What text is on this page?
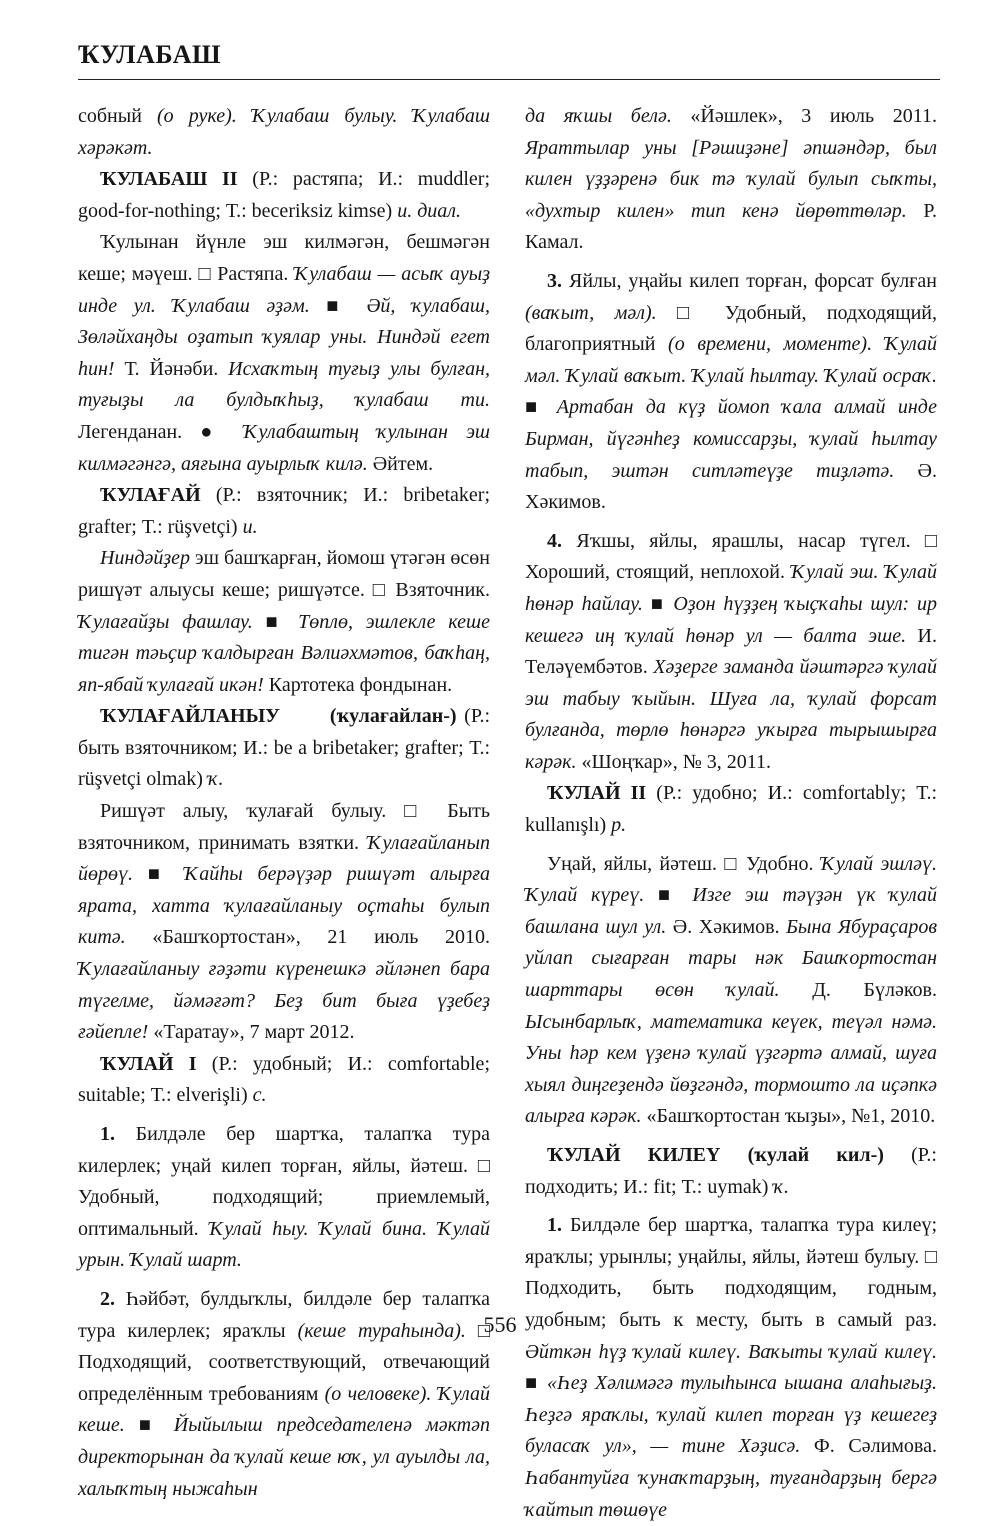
ҠУЛАБАШ

собный (о руке). Ҡулабаш булыу. Ҡулабаш хәрәкәт.

ҠУЛАБАШ II (Р.: растяпа; И.: muddler; good-for-nothing; Т.: beceriksiz kimse) и. диал.

Ҡулынан йүнле эш килмәгән, бешмәгән кеше; мәүеш. □ Растяпа. Ҡулабаш — асыҡ ауыҙ инде ул. Ҡулабаш әҙәм. ■ Әй, ҡулабаш, Зөләйхаңды оҙатып ҡуялар уны. Ниндәй егет һин! Т. Йәнәби. Исхаҡтың туғыҙ улы булған, туғыҙы ла булдыҡһыҙ, ҡулабаш ти. Легенданан. ● Ҡулабаштың ҡулынан эш килмәгәнгә, аяғына ауырлыҡ килә. Әйтем.

ҠУЛАҒАЙ (Р.: взяточник; И.: bribetaker; grafter; Т.: rüşvetçi) и.

Ниндәйҙер эш башҡарған, йомош үтәгән өсөн ришүәт алыусы кеше; ришүәтсе. □ Взяточник. Ҡулағайҙы фашлау. ■ Төплө, эшлекле кеше тигән тәьҫир ҡалдырған Вәлиәхмәтов, баҡһаң, яп-ябай ҡулағай икән! Картотека фондынан.

ҠУЛАҒАЙЛАНЫУ   	(ҡулағайлан-) (Р.: быть взяточником; И.: be a bribetaker; grafter; Т.: rüşvetçi olmak) ҡ.

Ришүәт алыу, ҡулағай булыу. □ Быть взяточником, принимать взятки. Ҡулағайланып йөрөү. ■ Ҡайһы берәүҙәр ришүәт алырға ярата, хатта ҡулағайланыу оҫтаһы булып китә. «Башҡортостан», 21 июль 2010. Ҡулағайланыу ғәҙәти күренешкә әйләнеп бара түгелме, йәмәғәт? Беҙ бит быға үҙебеҙ ғәйепле! «Таратау», 7 март 2012.

ҠУЛАЙ I (Р.: удобный; И.: comfortable; suitable; Т.: elverişli) с.

1. Билдәле бер шартҡа, талапҡа тура килерлек; уңай килеп торған, яйлы, йәтеш. □ Удобный, подходящий; приемлемый, оптимальный. Ҡулай һыу. Ҡулай бина. Ҡулай урын. Ҡулай шарт.

2. Һәйбәт, булдыҡлы, билдәле бер талапҡа тура килерлек; яраҡлы (кеше тураһында). □ Подходящий, соответствующий, отвечающий определённым требованиям (о человеке). Ҡулай кеше. ■ Йыйылыш председателенә мәктәп директорынан да ҡулай кеше юҡ, ул ауылды ла, халыҡтың ныжаһын

да яҡшы белә. «Йәшлек», 3 июль 2011. Яраттылар уны [Рәшиҙәне] әпшәндәр, был килен үҙҙәренә бик тә ҡулай булып сыҡты, «духтыр килен» тип кенә йөрөттөләр. Р. Камал.

3. Яйлы, уңайы килеп торған, форсат булған (ваҡыт, мәл). □ Удобный, подходящий, благоприятный (о времени, моменте). Ҡулай мәл. Ҡулай ваҡыт. Ҡулай һылтау. Ҡулай осраҡ. ■ Артабан да күҙ йомоп ҡала алмай инде Бирман, йүгәнһеҙ комиссарҙы, ҡулай һылтау табып, эштән ситләтеүҙе тиҙләтә. Ә. Хәкимов.

4. Яҡшы, яйлы, ярашлы, насар түгел. □ Хороший, стоящий, неплохой. Ҡулай эш. Ҡулай һөнәр һайлау. ■ Оҙон һүҙҙең ҡыҫҡаһы шул: ир кешегә иң ҡулай һөнәр ул — балта эше. И. Теләүембәтов. Хәҙерге заманда йәштәргә ҡулай эш табыу ҡыйын. Шуға ла, ҡулай форсат булғанда, төрлө һөнәргә уҡырға тырышырға кәрәк. «Шоңҡар», № 3, 2011.

ҠУЛАЙ II (Р.: удобно; И.: comfortably; Т.: kullanışlı) р.

Уңай, яйлы, йәтеш. □ Удобно. Ҡулай эшләү. Ҡулай күреү. ■ Изге эш тәүҙән үк ҡулай башлана шул ул. Ә. Хәкимов. Бына Ябураҫаров уйлап сығарған тары нәк Башҡортостан шарттары өсөн ҡулай. Д. Бүләков. Ысынбарлыҡ, математика кеүек, теүәл нәмә. Уны һәр кем үҙенә ҡулай үҙгәртә алмай, шуға хыял диңгеҙендә йөҙгәндә, тормошто ла иҫәпкә алырға кәрәк. «Башҡортостан ҡыҙы», №1, 2010.

ҠУЛАЙ КИЛЕҮ (ҡулай кил-) (Р.: подходить; И.: fit; Т.: uymak) ҡ.

1. Билдәле бер шартҡа, талапҡа тура килеү; яраҡлы; урынлы; уңайлы, яйлы, йәтеш булыу. □ Подходить, быть подходящим, годным, удобным; быть к месту, быть в самый раз. Әйткән һүҙ ҡулай килеү. Ваҡыты ҡулай килеү. ■ «Һеҙ Хәлимәгә тулыһынса ышана алаһығыҙ. Һеҙгә яраҡлы, ҡулай килеп торған үҙ кешегеҙ буласаҡ ул», — тине Хәҙисә. Ф. Сәлимова. Һабантуйға ҡунаҡтарҙың, туғандарҙың бергә ҡайтып төшөүе

556
